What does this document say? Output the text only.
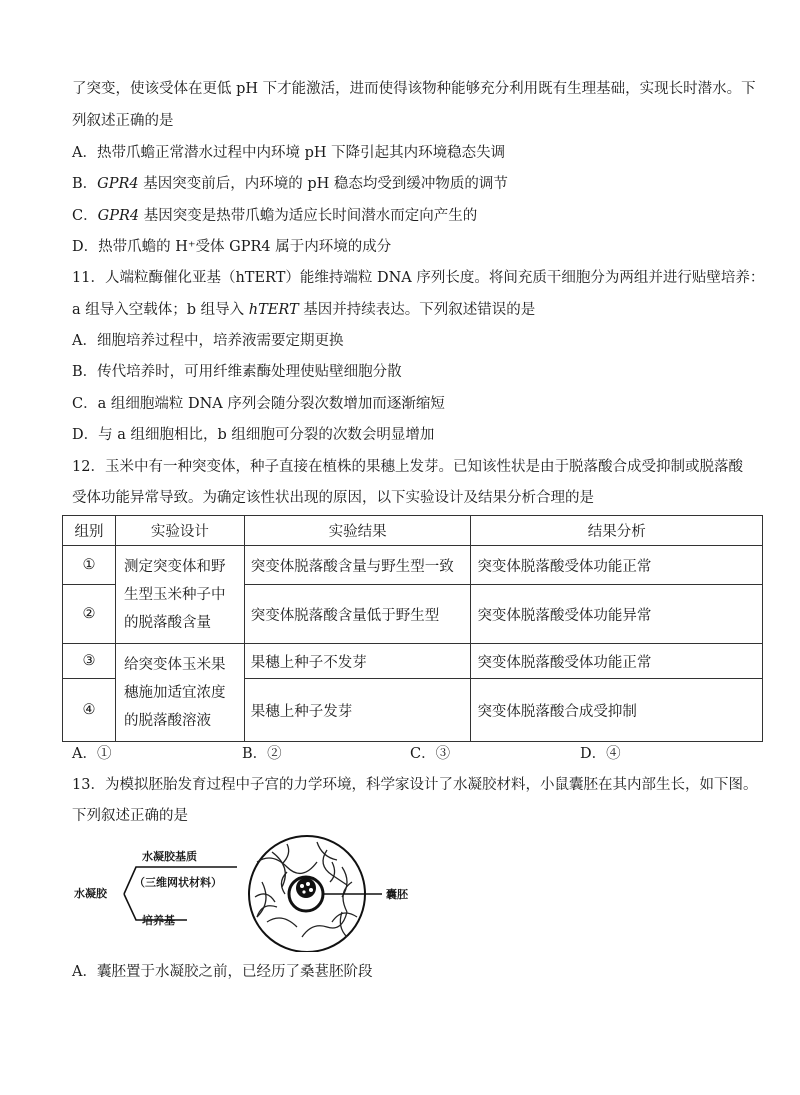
了突变，使该受体在更低 pH 下才能激活，进而使得该物种能够充分利用既有生理基础，实现长时潜水。下
列叙述正确的是
A．热带爪蟾正常潜水过程中内环境 pH 下降引起其内环境稳态失调
B．GPR4 基因突变前后，内环境的 pH 稳态均受到缓冲物质的调节
C．GPR4 基因突变是热带爪蟾为适应长时间潜水而定向产生的
D．热带爪蟾的 H⁺受体 GPR4 属于内环境的成分
11．人端粒酶催化亚基（hTERT）能维持端粒 DNA 序列长度。将间充质干细胞分为两组并进行贴壁培养：
a 组导入空载体；b 组导入 hTERT 基因并持续表达。下列叙述错误的是
A．细胞培养过程中，培养液需要定期更换
B．传代培养时，可用纤维素酶处理使贴壁细胞分散
C．a 组细胞端粒 DNA 序列会随分裂次数增加而逐渐缩短
D．与 a 组细胞相比，b 组细胞可分裂的次数会明显增加
12．玉米中有一种突变体，种子直接在植株的果穗上发芽。已知该性状是由于脱落酸合成受抑制或脱落酸
受体功能异常导致。为确定该性状出现的原因，以下实验设计及结果分析合理的是
组别	实验设计	实验结果	结果分析
①	测定突变体和野生型玉米种子中的脱落酸含量	突变体脱落酸含量与野生型一致	突变体脱落酸受体功能正常
②		突变体脱落酸含量低于野生型	突变体脱落酸受体功能异常
③	给突变体玉米果穗施加适宜浓度的脱落酸溶液	果穗上种子不发芽	突变体脱落酸受体功能正常
④		果穗上种子发芽	突变体脱落酸合成受抑制
A．①	B．②	C．③	D．④
13．为模拟胚胎发育过程中子宫的力学环境，科学家设计了水凝胶材料，小鼠囊胚在其内部生长，如下图。
下列叙述正确的是
水凝胶
水凝胶基质
（三维网状材料）
培养基
囊胚
A．囊胚置于水凝胶之前，已经历了桑葚胚阶段
